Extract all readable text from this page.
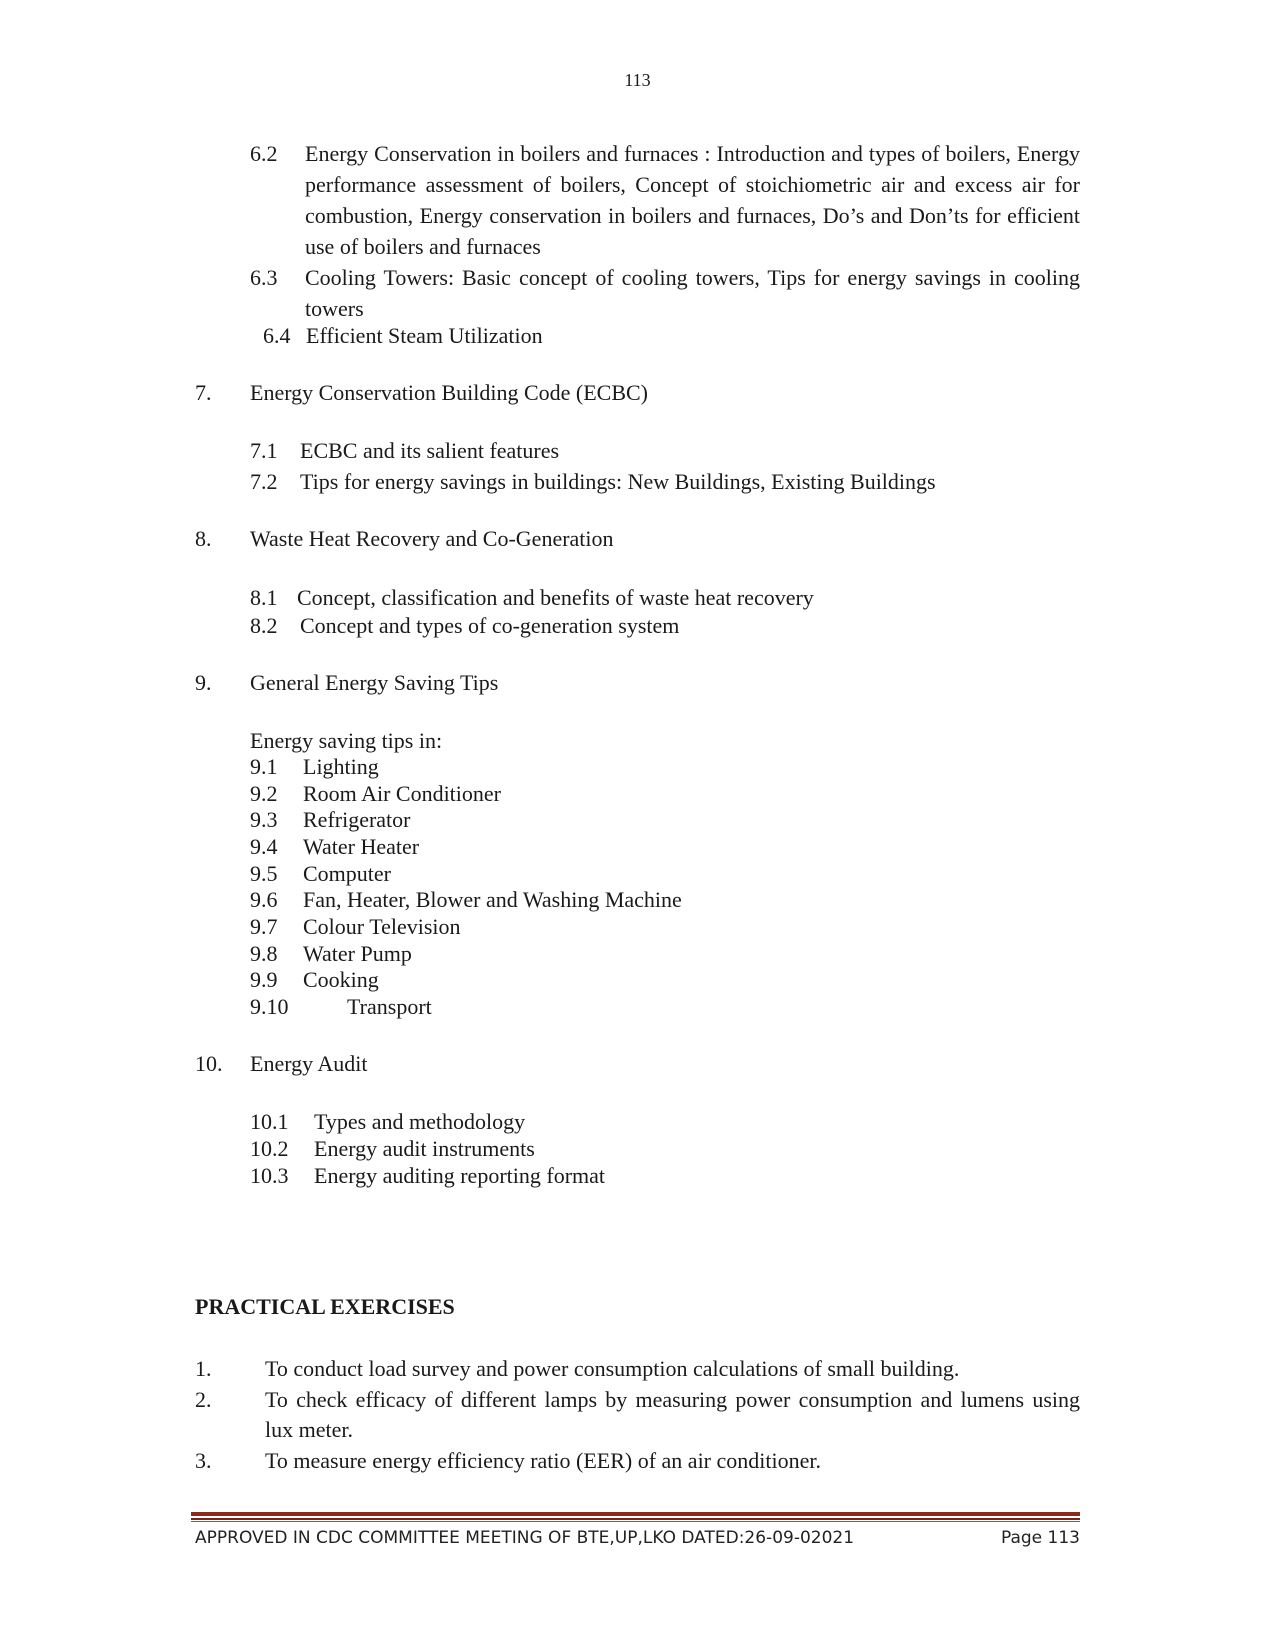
113
6.2 Energy Conservation in boilers and furnaces : Introduction and types of boilers, Energy performance assessment of boilers, Concept of stoichiometric air and excess air for combustion, Energy conservation in boilers and furnaces, Do’s and Don’ts for efficient use of boilers and furnaces
6.3 Cooling Towers: Basic concept of cooling towers, Tips for energy savings in cooling towers
6.4 Efficient Steam Utilization
7. Energy Conservation Building Code (ECBC)
7.1 ECBC and its salient features
7.2 Tips for energy savings in buildings: New Buildings, Existing Buildings
8. Waste Heat Recovery and Co-Generation
8.1 Concept, classification and benefits of waste heat recovery
8.2 Concept and types of co-generation system
9. General Energy Saving Tips
Energy saving tips in:
9.1 Lighting
9.2 Room Air Conditioner
9.3 Refrigerator
9.4 Water Heater
9.5 Computer
9.6 Fan, Heater, Blower and Washing Machine
9.7 Colour Television
9.8 Water Pump
9.9 Cooking
9.10	Transport
10. Energy Audit
10.1 Types and methodology
10.2 Energy audit instruments
10.3 Energy auditing reporting format
PRACTICAL EXERCISES
1. To conduct load survey and power consumption calculations of small building.
2. To check efficacy of different lamps by measuring power consumption and lumens using lux meter.
3. To measure energy efficiency ratio (EER) of an air conditioner.
APPROVED IN CDC COMMITTEE MEETING OF BTE,UP,LKO DATED:26-09-02021	Page 113
